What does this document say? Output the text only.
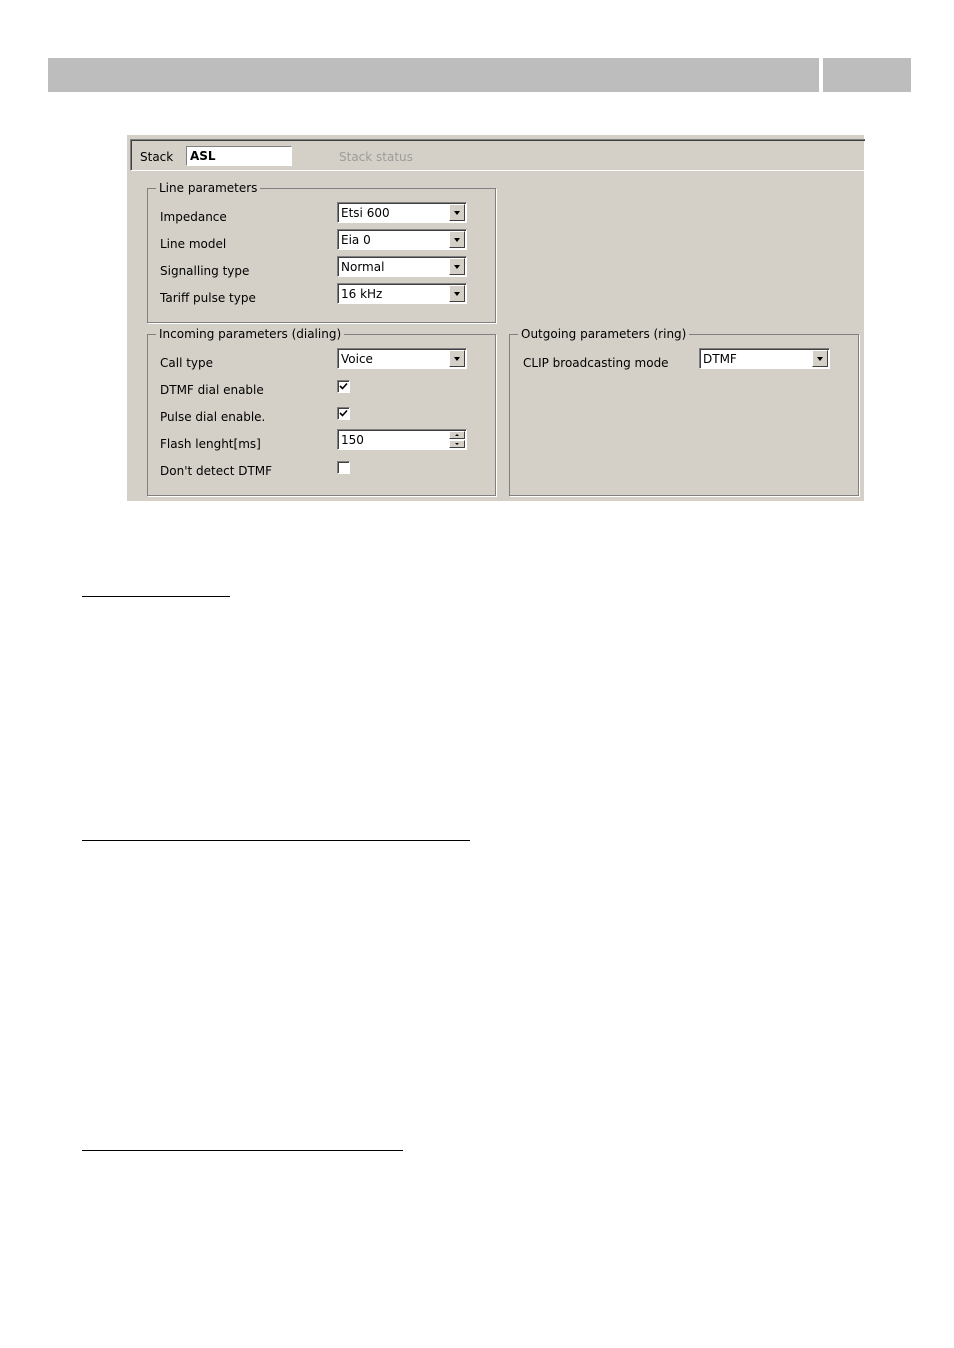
Stack	ASL	Stack status
Line parameters
Impedance	Etsi 600
Line model	Eia 0
Signalling type	Normal
Tariff pulse type	16 kHz
Incoming parameters (dialing)
Call type	Voice
DTMF dial enable
Pulse dial enable.
Flash lenght[ms]	150
Don't detect DTMF
Outgoing parameters (ring)
CLIP broadcasting mode	DTMF
